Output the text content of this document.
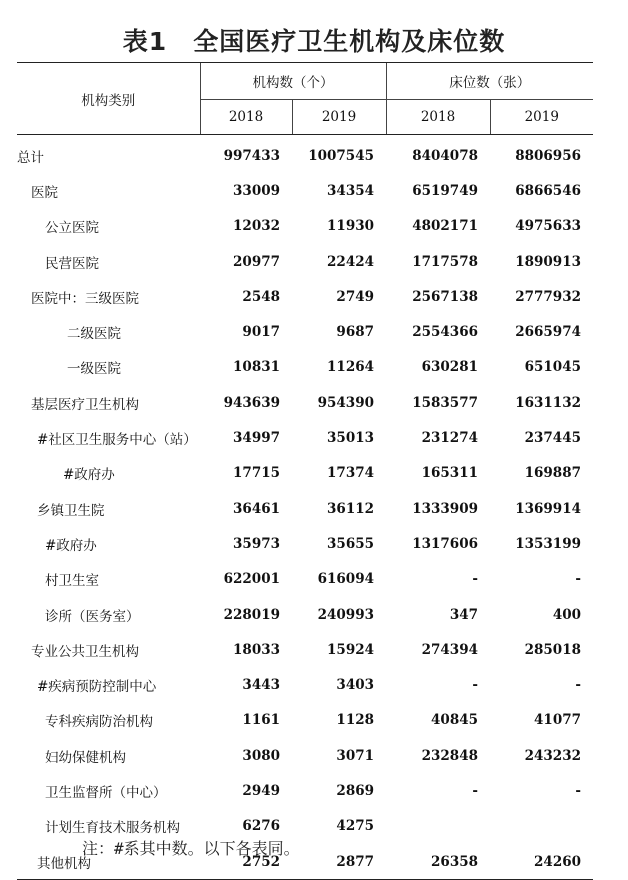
表1　全国医疗卫生机构及床位数
机构类别	机构数（个）		床位数（张）	
	2018	2019	2018	2019
总计	997433	1007545	8404078	8806956
医院	33009	34354	6519749	6866546
公立医院	12032	11930	4802171	4975633
民营医院	20977	22424	1717578	1890913
医院中：三级医院	2548	2749	2567138	2777932
二级医院	9017	9687	2554366	2665974
一级医院	10831	11264	630281	651045
基层医疗卫生机构	943639	954390	1583577	1631132
#社区卫生服务中心（站）	34997	35013	231274	237445
#政府办	17715	17374	165311	169887
乡镇卫生院	36461	36112	1333909	1369914
#政府办	35973	35655	1317606	1353199
村卫生室	622001	616094	-	-
诊所（医务室）	228019	240993	347	400
专业公共卫生机构	18033	15924	274394	285018
#疾病预防控制中心	3443	3403	-	-
专科疾病防治机构	1161	1128	40845	41077
妇幼保健机构	3080	3071	232848	243232
卫生监督所（中心）	2949	2869	-	-
计划生育技术服务机构	6276	4275		
其他机构	2752	2877	26358	24260
注：#系其中数。以下各表同。
